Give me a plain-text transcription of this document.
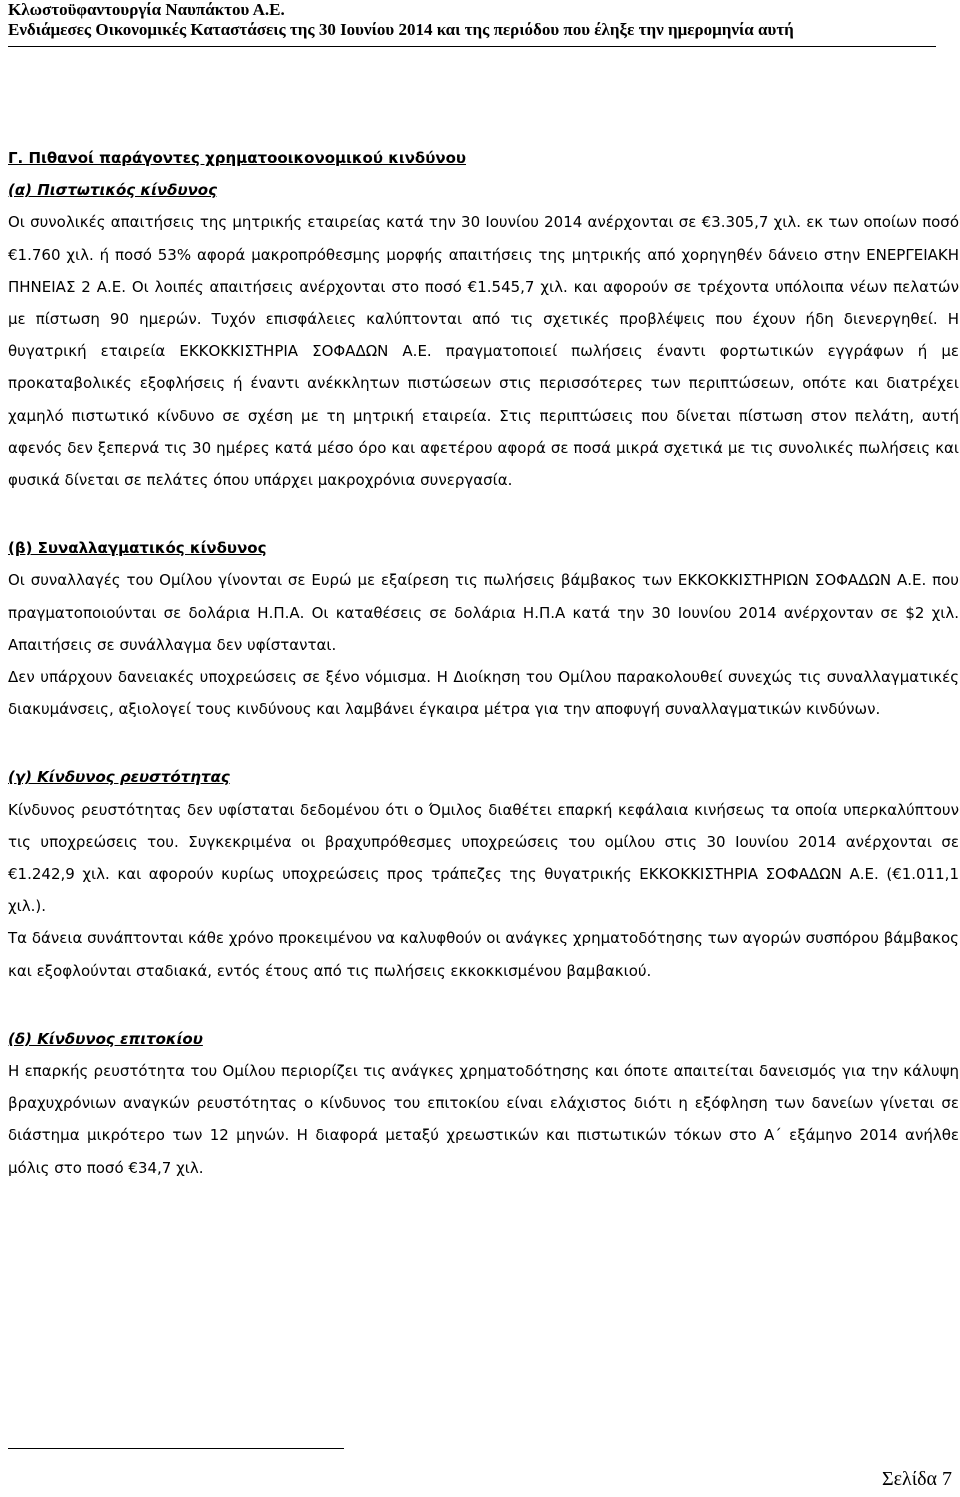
Κλωστοϋφαντουργία Ναυπάκτου Α.Ε.
Ενδιάμεσες Οικονομικές Καταστάσεις της 30 Ιουνίου 2014 και της περιόδου που έληξε την ημερομηνία αυτή

Γ. Πιθανοί παράγοντες χρηματοοικονομικού κινδύνου

(α) Πιστωτικός κίνδυνος

Οι συνολικές απαιτήσεις της μητρικής εταιρείας κατά την 30 Ιουνίου 2014 ανέρχονται σε €3.305,7 χιλ. εκ των οποίων ποσό €1.760 χιλ. ή ποσό 53% αφορά μακροπρόθεσμης μορφής απαιτήσεις της μητρικής από χορηγηθέν δάνειο στην ΕΝΕΡΓΕΙΑΚΗ ΠΗΝΕΙΑΣ 2 Α.Ε. Οι λοιπές απαιτήσεις ανέρχονται στο ποσό €1.545,7 χιλ. και αφορούν σε τρέχοντα υπόλοιπα νέων πελατών με πίστωση 90 ημερών. Τυχόν επισφάλειες καλύπτονται από τις σχετικές προβλέψεις που έχουν ήδη διενεργηθεί. Η θυγατρική εταιρεία ΕΚΚΟΚΚΙΣΤΗΡΙΑ ΣΟΦΑΔΩΝ Α.Ε. πραγματοποιεί πωλήσεις έναντι φορτωτικών εγγράφων ή με προκαταβολικές εξοφλήσεις ή έναντι ανέκκλητων πιστώσεων στις περισσότερες των περιπτώσεων, οπότε και διατρέχει χαμηλό πιστωτικό κίνδυνο σε σχέση με τη μητρική εταιρεία. Στις περιπτώσεις που δίνεται πίστωση στον πελάτη, αυτή αφενός δεν ξεπερνά τις 30 ημέρες κατά μέσο όρο και αφετέρου αφορά σε ποσά μικρά σχετικά με τις συνολικές πωλήσεις και φυσικά δίνεται σε πελάτες όπου υπάρχει μακροχρόνια συνεργασία.

(β) Συναλλαγματικός κίνδυνος

Οι συναλλαγές του Ομίλου γίνονται σε Ευρώ με εξαίρεση τις πωλήσεις βάμβακος των ΕΚΚΟΚΚΙΣΤΗΡΙΩΝ ΣΟΦΑΔΩΝ Α.Ε. που πραγματοποιούνται σε δολάρια Η.Π.Α. Οι καταθέσεις σε δολάρια Η.Π.Α κατά την 30 Ιουνίου 2014 ανέρχονταν σε $2 χιλ. Απαιτήσεις σε συνάλλαγμα δεν υφίστανται.

Δεν υπάρχουν δανειακές υποχρεώσεις σε ξένο νόμισμα. Η Διοίκηση του Ομίλου παρακολουθεί συνεχώς τις συναλλαγματικές διακυμάνσεις, αξιολογεί τους κινδύνους και λαμβάνει έγκαιρα μέτρα για την αποφυγή συναλλαγματικών κινδύνων.

(γ) Κίνδυνος ρευστότητας

Κίνδυνος ρευστότητας δεν υφίσταται δεδομένου ότι ο Όμιλος διαθέτει επαρκή κεφάλαια κινήσεως τα οποία υπερκαλύπτουν τις υποχρεώσεις του. Συγκεκριμένα οι βραχυπρόθεσμες υποχρεώσεις του ομίλου στις 30 Ιουνίου 2014 ανέρχονται σε €1.242,9 χιλ. και αφορούν κυρίως υποχρεώσεις προς τράπεζες της θυγατρικής ΕΚΚΟΚΚΙΣΤΗΡΙΑ ΣΟΦΑΔΩΝ Α.Ε. (€1.011,1 χιλ.).

Τα δάνεια συνάπτονται κάθε χρόνο προκειμένου να καλυφθούν οι ανάγκες χρηματοδότησης των αγορών συσπόρου βάμβακος και εξοφλούνται σταδιακά, εντός έτους από τις πωλήσεις εκκοκκισμένου βαμβακιού.

(δ) Κίνδυνος επιτοκίου

Η επαρκής ρευστότητα του Ομίλου περιορίζει τις ανάγκες χρηματοδότησης και όποτε απαιτείται δανεισμός για την κάλυψη βραχυχρόνιων αναγκών ρευστότητας ο κίνδυνος του επιτοκίου είναι ελάχιστος διότι η εξόφληση των δανείων γίνεται σε διάστημα μικρότερο των 12 μηνών. Η διαφορά μεταξύ χρεωστικών και πιστωτικών τόκων στο Α΄ εξάμηνο 2014 ανήλθε μόλις στο ποσό €34,7 χιλ.

Σελίδα 7
